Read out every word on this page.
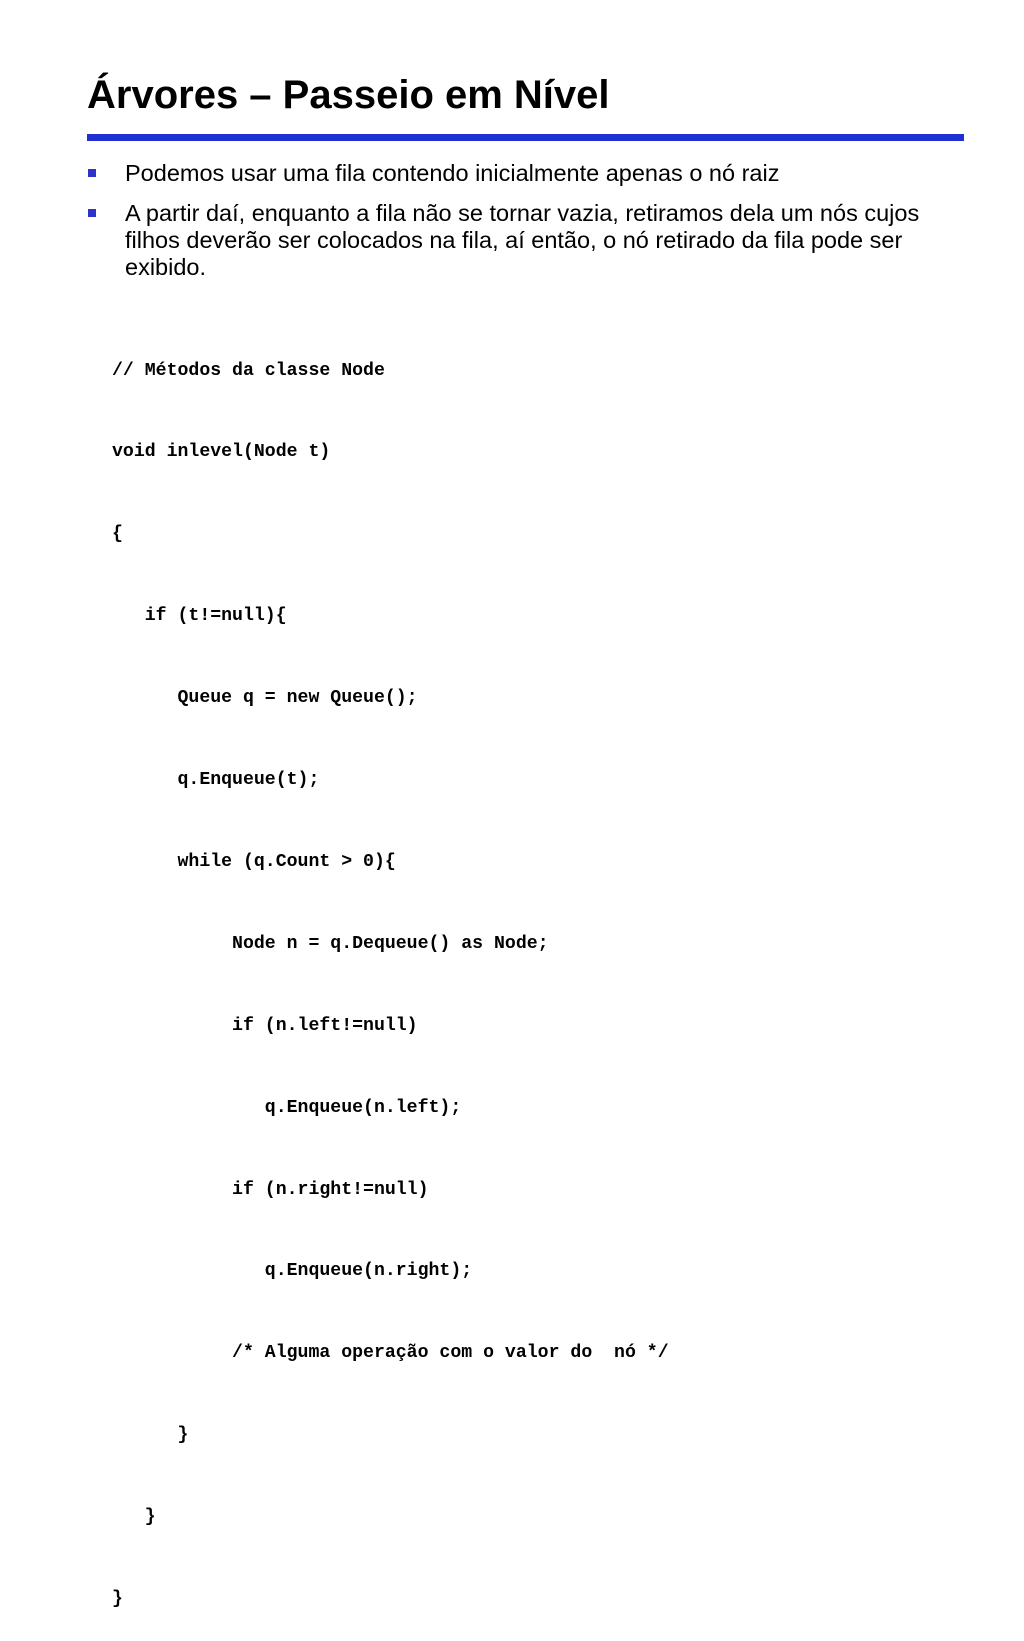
Árvores – Passeio em Nível
Podemos usar uma fila contendo inicialmente apenas o nó raiz
A partir daí, enquanto a fila não se tornar vazia, retiramos dela um nós cujos filhos deverão ser colocados na fila, aí então, o nó retirado da fila pode ser exibido.

// Métodos da classe Node

void inlevel(Node t)

{

if (t!=null){

Queue q = new Queue();

q.Enqueue(t);

while (q.Count > 0){

Node n = q.Dequeue() as Node;

if (n.left!=null)

q.Enqueue(n.left);

if (n.right!=null)

q.Enqueue(n.right);

/* Alguma operação com o valor do  nó */

}

}

}
